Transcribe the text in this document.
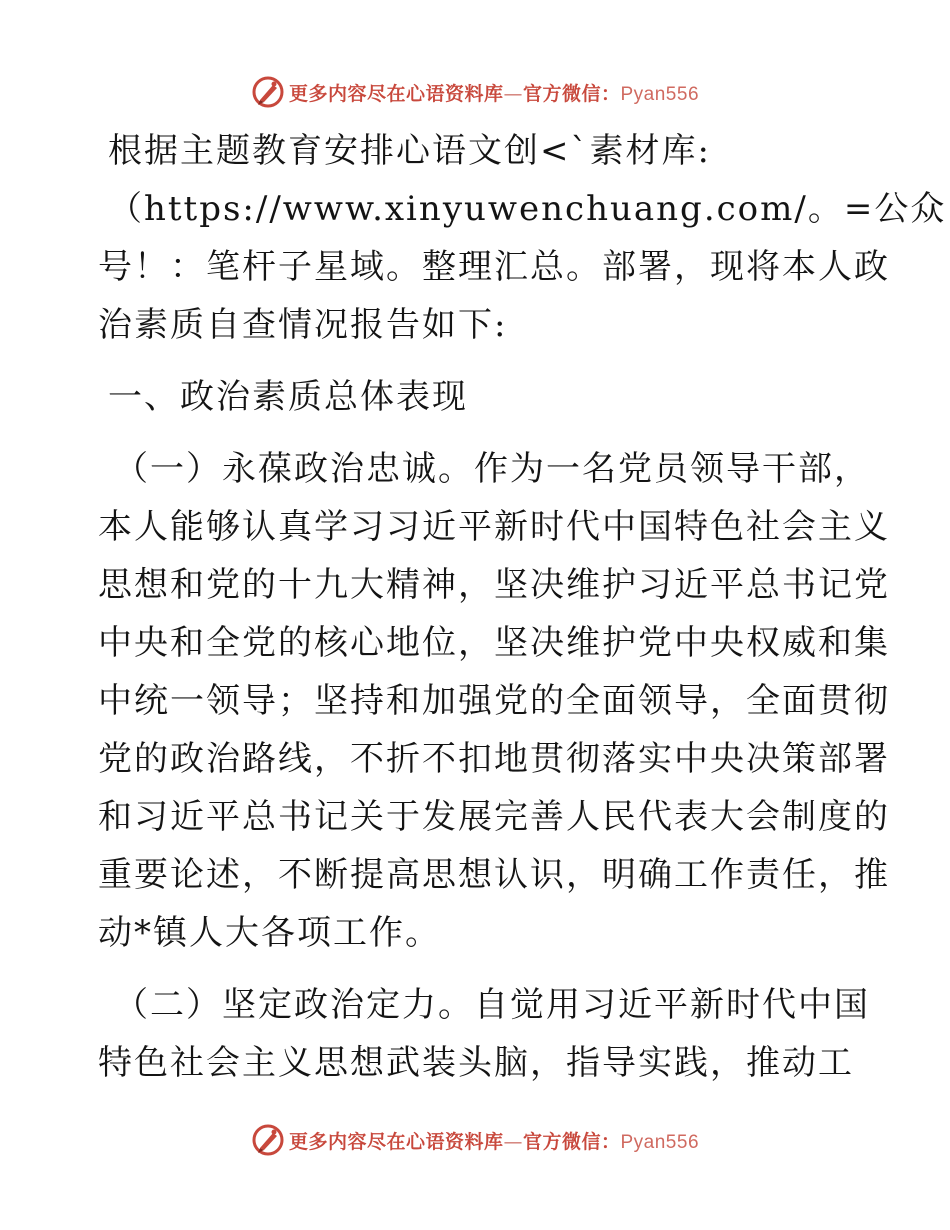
更多内容尽在心语资料库—官方微信：Pyan556
根据主题教育安排心语文创<`素材库:
（https://www.xinyuwenchuang.com/。=公众
号！：笔杆子星域。整理汇总。部署，现将本人政
治素质自查情况报告如下:
一、政治素质总体表现
（一）永葆政治忠诚。作为一名党员领导干部，
本人能够认真学习习近平新时代中国特色社会主义
思想和党的十九大精神，坚决维护习近平总书记党
中央和全党的核心地位，坚决维护党中央权威和集
中统一领导；坚持和加强党的全面领导，全面贯彻
党的政治路线，不折不扣地贯彻落实中央决策部署
和习近平总书记关于发展完善人民代表大会制度的
重要论述，不断提高思想认识，明确工作责任，推
动*镇人大各项工作。
（二）坚定政治定力。自觉用习近平新时代中国
特色社会主义思想武装头脑，指导实践，推动工
更多内容尽在心语资料库—官方微信：Pyan556
